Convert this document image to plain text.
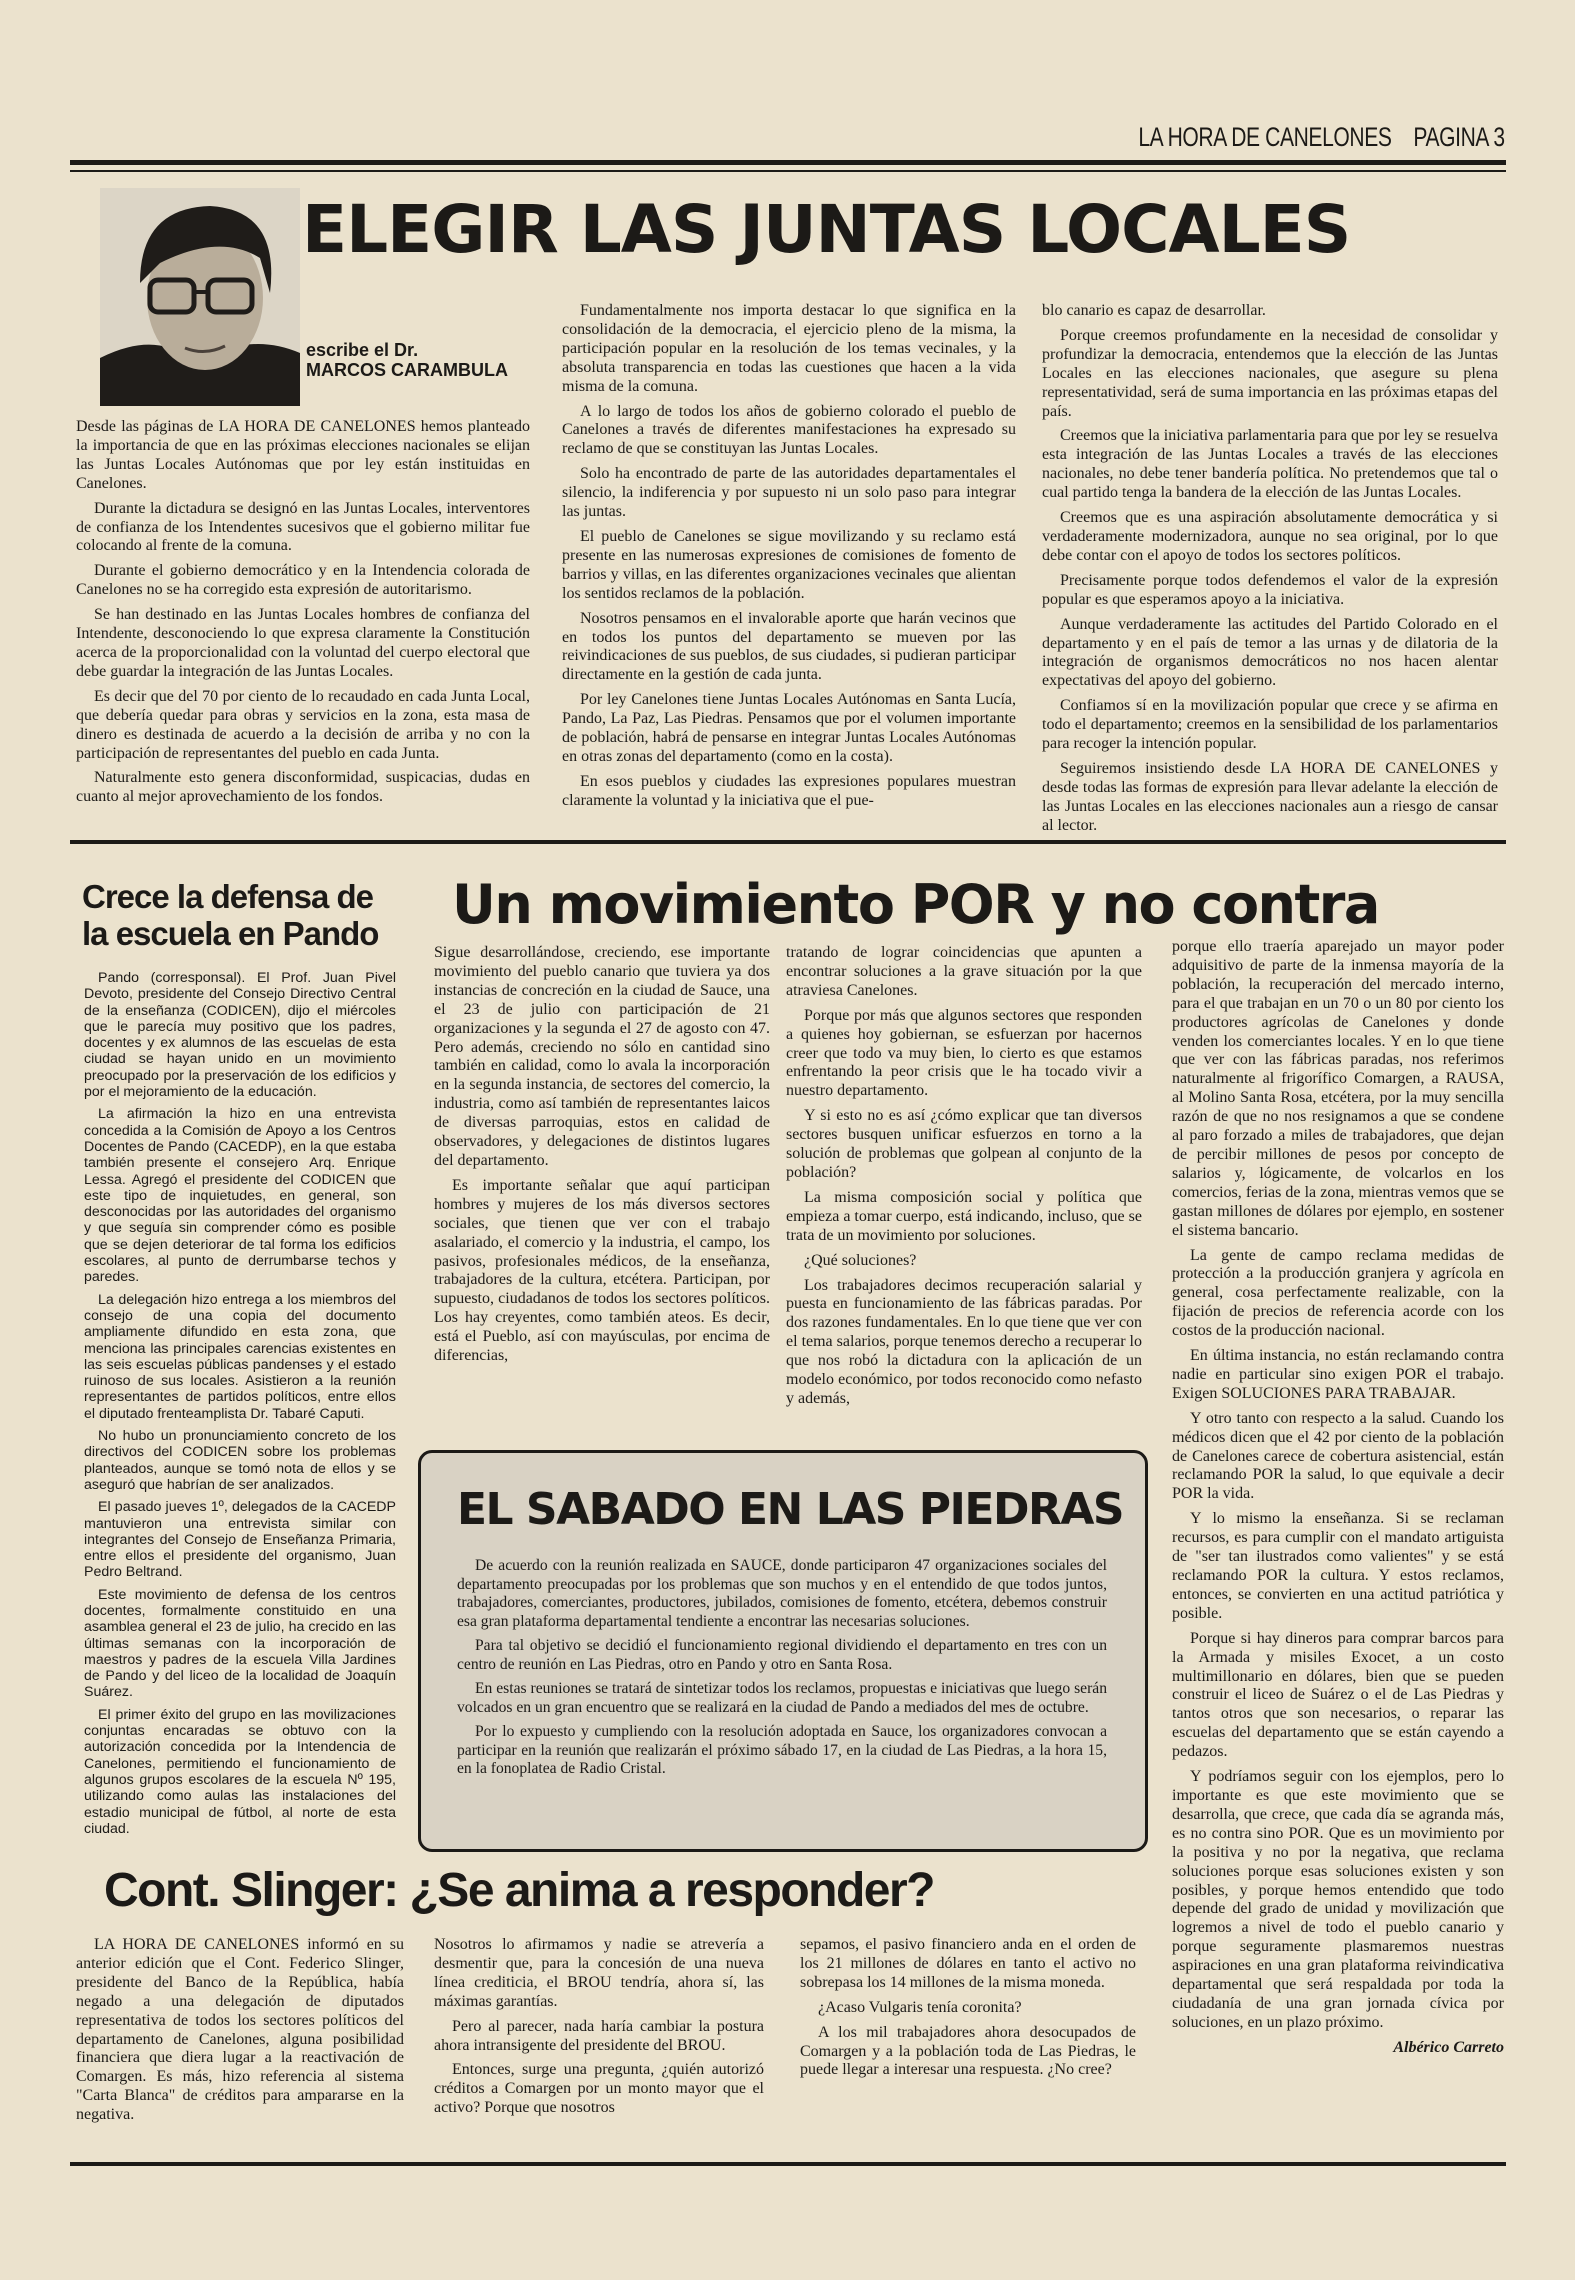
LA HORA DE CANELONES PAGINA 3
ELEGIR LAS JUNTAS LOCALES
escribe el Dr.
MARCOS CARAMBULA

Desde las páginas de LA HORA DE CANELONES hemos planteado la importancia de que en las próximas elecciones nacionales se elijan las Juntas Locales Autónomas que por ley están instituidas en Canelones.

Durante la dictadura se designó en las Juntas Locales, interventores de confianza de los Intendentes sucesivos que el gobierno militar fue colocando al frente de la comuna.

Durante el gobierno democrático y en la Intendencia colorada de Canelones no se ha corregido esta expresión de autoritarismo.

Se han destinado en las Juntas Locales hombres de confianza del Intendente, desconociendo lo que expresa claramente la Constitución acerca de la proporcionalidad con la voluntad del cuerpo electoral que debe guardar la integración de las Juntas Locales.

Es decir que del 70 por ciento de lo recaudado en cada Junta Local, que debería quedar para obras y servicios en la zona, esta masa de dinero es destinada de acuerdo a la decisión de arriba y no con la participación de representantes del pueblo en cada Junta.

Naturalmente esto genera disconformidad, suspicacias, dudas en cuanto al mejor aprovechamiento de los fondos.

Fundamentalmente nos importa destacar lo que significa en la consolidación de la democracia, el ejercicio pleno de la misma, la participación popular en la resolución de los temas vecinales, y la absoluta transparencia en todas las cuestiones que hacen a la vida misma de la comuna.

A lo largo de todos los años de gobierno colorado el pueblo de Canelones a través de diferentes manifestaciones ha expresado su reclamo de que se constituyan las Juntas Locales.

Solo ha encontrado de parte de las autoridades departamentales el silencio, la indiferencia y por supuesto ni un solo paso para integrar las juntas.

El pueblo de Canelones se sigue movilizando y su reclamo está presente en las numerosas expresiones de comisiones de fomento de barrios y villas, en las diferentes organizaciones vecinales que alientan los sentidos reclamos de la población.

Nosotros pensamos en el invalorable aporte que harán vecinos que en todos los puntos del departamento se mueven por las reivindicaciones de sus pueblos, de sus ciudades, si pudieran participar directamente en la gestión de cada junta.

Por ley Canelones tiene Juntas Locales Autónomas en Santa Lucía, Pando, La Paz, Las Piedras. Pensamos que por el volumen importante de población, habrá de pensarse en integrar Juntas Locales Autónomas en otras zonas del departamento (como en la costa).

En esos pueblos y ciudades las expresiones populares muestran claramente la voluntad y la iniciativa que el pue-

blo canario es capaz de desarrollar.

Porque creemos profundamente en la necesidad de consolidar y profundizar la democracia, entendemos que la elección de las Juntas Locales en las elecciones nacionales, que asegure su plena representatividad, será de suma importancia en las próximas etapas del país.

Creemos que la iniciativa parlamentaria para que por ley se resuelva esta integración de las Juntas Locales a través de las elecciones nacionales, no debe tener bandería política. No pretendemos que tal o cual partido tenga la bandera de la elección de las Juntas Locales.

Creemos que es una aspiración absolutamente democrática y si verdaderamente modernizadora, aunque no sea original, por lo que debe contar con el apoyo de todos los sectores políticos.

Precisamente porque todos defendemos el valor de la expresión popular es que esperamos apoyo a la iniciativa.

Aunque verdaderamente las actitudes del Partido Colorado en el departamento y en el país de temor a las urnas y de dilatoria de la integración de organismos democráticos no nos hacen alentar expectativas del apoyo del gobierno.

Confiamos sí en la movilización popular que crece y se afirma en todo el departamento; creemos en la sensibilidad de los parlamentarios para recoger la intención popular.

Seguiremos insistiendo desde LA HORA DE CANELONES y desde todas las formas de expresión para llevar adelante la elección de las Juntas Locales en las elecciones nacionales aun a riesgo de cansar al lector.

Crece la defensa de
la escuela en Pando

Pando (corresponsal). El Prof. Juan Pivel Devoto, presidente del Consejo Directivo Central de la enseñanza (CODICEN), dijo el miércoles que le parecía muy positivo que los padres, docentes y ex alumnos de las escuelas de esta ciudad se hayan unido en un movimiento preocupado por la preservación de los edificios y por el mejoramiento de la educación.

La afirmación la hizo en una entrevista concedida a la Comisión de Apoyo a los Centros Docentes de Pando (CACEDP), en la que estaba también presente el consejero Arq. Enrique Lessa. Agregó el presidente del CODICEN que este tipo de inquietudes, en general, son desconocidas por las autoridades del organismo y que seguía sin comprender cómo es posible que se dejen deteriorar de tal forma los edificios escolares, al punto de derrumbarse techos y paredes.

La delegación hizo entrega a los miembros del consejo de una copia del documento ampliamente difundido en esta zona, que menciona las principales carencias existentes en las seis escuelas públicas pandenses y el estado ruinoso de sus locales. Asistieron a la reunión representantes de partidos políticos, entre ellos el diputado frenteamplista Dr. Tabaré Caputi.

No hubo un pronunciamiento concreto de los directivos del CODICEN sobre los problemas planteados, aunque se tomó nota de ellos y se aseguró que habrían de ser analizados.

El pasado jueves 1º, delegados de la CACEDP mantuvieron una entrevista similar con integrantes del Consejo de Enseñanza Primaria, entre ellos el presidente del organismo, Juan Pedro Beltrand.

Este movimiento de defensa de los centros docentes, formalmente constituido en una asamblea general el 23 de julio, ha crecido en las últimas semanas con la incorporación de maestros y padres de la escuela Villa Jardines de Pando y del liceo de la localidad de Joaquín Suárez.

El primer éxito del grupo en las movilizaciones conjuntas encaradas se obtuvo con la autorización concedida por la Intendencia de Canelones, permitiendo el funcionamiento de algunos grupos escolares de la escuela Nº 195, utilizando como aulas las instalaciones del estadio municipal de fútbol, al norte de esta ciudad.

Un movimiento POR y no contra

Sigue desarrollándose, creciendo, ese importante movimiento del pueblo canario que tuviera ya dos instancias de concreción en la ciudad de Sauce, una el 23 de julio con participación de 21 organizaciones y la segunda el 27 de agosto con 47. Pero además, creciendo no sólo en cantidad sino también en calidad, como lo avala la incorporación en la segunda instancia, de sectores del comercio, la industria, como así también de representantes laicos de diversas parroquias, estos en calidad de observadores, y delegaciones de distintos lugares del departamento.

Es importante señalar que aquí participan hombres y mujeres de los más diversos sectores sociales, que tienen que ver con el trabajo asalariado, el comercio y la industria, el campo, los pasivos, profesionales médicos, de la enseñanza, trabajadores de la cultura, etcétera. Participan, por supuesto, ciudadanos de todos los sectores políticos. Los hay creyentes, como también ateos. Es decir, está el Pueblo, así con mayúsculas, por encima de diferencias,

tratando de lograr coincidencias que apunten a encontrar soluciones a la grave situación por la que atraviesa Canelones.

Porque por más que algunos sectores que responden a quienes hoy gobiernan, se esfuerzan por hacernos creer que todo va muy bien, lo cierto es que estamos enfrentando la peor crisis que le ha tocado vivir a nuestro departamento.

Y si esto no es así ¿cómo explicar que tan diversos sectores busquen unificar esfuerzos en torno a la solución de problemas que golpean al conjunto de la población?

La misma composición social y política que empieza a tomar cuerpo, está indicando, incluso, que se trata de un movimiento por soluciones.

¿Qué soluciones?

Los trabajadores decimos recuperación salarial y puesta en funcionamiento de las fábricas paradas. Por dos razones fundamentales. En lo que tiene que ver con el tema salarios, porque tenemos derecho a recuperar lo que nos robó la dictadura con la aplicación de un modelo económico, por todos reconocido como nefasto y además,

porque ello traería aparejado un mayor poder adquisitivo de parte de la inmensa mayoría de la población, la recuperación del mercado interno, para el que trabajan en un 70 o un 80 por ciento los productores agrícolas de Canelones y donde venden los comerciantes locales. Y en lo que tiene que ver con las fábricas paradas, nos referimos naturalmente al frigorífico Comargen, a RAUSA, al Molino Santa Rosa, etcétera, por la muy sencilla razón de que no nos resignamos a que se condene al paro forzado a miles de trabajadores, que dejan de percibir millones de pesos por concepto de salarios y, lógicamente, de volcarlos en los comercios, ferias de la zona, mientras vemos que se gastan millones de dólares por ejemplo, en sostener el sistema bancario.

La gente de campo reclama medidas de protección a la producción granjera y agrícola en general, cosa perfectamente realizable, con la fijación de precios de referencia acorde con los costos de la producción nacional.

En última instancia, no están reclamando contra nadie en particular sino exigen POR el trabajo. Exigen SOLUCIONES PARA TRABAJAR.

Y otro tanto con respecto a la salud. Cuando los médicos dicen que el 42 por ciento de la población de Canelones carece de cobertura asistencial, están reclamando POR la salud, lo que equivale a decir POR la vida.

Y lo mismo la enseñanza. Si se reclaman recursos, es para cumplir con el mandato artiguista de "ser tan ilustrados como valientes" y se está reclamando POR la cultura. Y estos reclamos, entonces, se convierten en una actitud patriótica y posible.

Porque si hay dineros para comprar barcos para la Armada y misiles Exocet, a un costo multimillonario en dólares, bien que se pueden construir el liceo de Suárez o el de Las Piedras y tantos otros que son necesarios, o reparar las escuelas del departamento que se están cayendo a pedazos.

Y podríamos seguir con los ejemplos, pero lo importante es que este movimiento que se desarrolla, que crece, que cada día se agranda más, es no contra sino POR. Que es un movimiento por la positiva y no por la negativa, que reclama soluciones porque esas soluciones existen y son posibles, y porque hemos entendido que todo depende del grado de unidad y movilización que logremos a nivel de todo el pueblo canario y porque seguramente plasmaremos nuestras aspiraciones en una gran plataforma reivindicativa departamental que será respaldada por toda la ciudadanía de una gran jornada cívica por soluciones, en un plazo próximo.

Albérico Carreto
EL SABADO EN LAS PIEDRAS

De acuerdo con la reunión realizada en SAUCE, donde participaron 47 organizaciones sociales del departamento preocupadas por los problemas que son muchos y en el entendido de que todos juntos, trabajadores, comerciantes, productores, jubilados, comisiones de fomento, etcétera, debemos construir esa gran plataforma departamental tendiente a encontrar las necesarias soluciones.

Para tal objetivo se decidió el funcionamiento regional dividiendo el departamento en tres con un centro de reunión en Las Piedras, otro en Pando y otro en Santa Rosa.

En estas reuniones se tratará de sintetizar todos los reclamos, propuestas e iniciativas que luego serán volcados en un gran encuentro que se realizará en la ciudad de Pando a mediados del mes de octubre.

Por lo expuesto y cumpliendo con la resolución adoptada en Sauce, los organizadores convocan a participar en la reunión que realizarán el próximo sábado 17, en la ciudad de Las Piedras, a la hora 15, en la fonoplatea de Radio Cristal.

Cont. Slinger: ¿Se anima a responder?

LA HORA DE CANELONES informó en su anterior edición que el Cont. Federico Slinger, presidente del Banco de la República, había negado a una delegación de diputados representativa de todos los sectores políticos del departamento de Canelones, alguna posibilidad financiera que diera lugar a la reactivación de Comargen. Es más, hizo referencia al sistema "Carta Blanca" de créditos para ampararse en la negativa.

Nosotros lo afirmamos y nadie se atrevería a desmentir que, para la concesión de una nueva línea crediticia, el BROU tendría, ahora sí, las máximas garantías.

Pero al parecer, nada haría cambiar la postura ahora intransigente del presidente del BROU.

Entonces, surge una pregunta, ¿quién autorizó créditos a Comargen por un monto mayor que el activo? Porque que nosotros

sepamos, el pasivo financiero anda en el orden de los 21 millones de dólares en tanto el activo no sobrepasa los 14 millones de la misma moneda.

¿Acaso Vulgaris tenía coronita?

A los mil trabajadores ahora desocupados de Comargen y a la población toda de Las Piedras, le puede llegar a interesar una respuesta. ¿No cree?
